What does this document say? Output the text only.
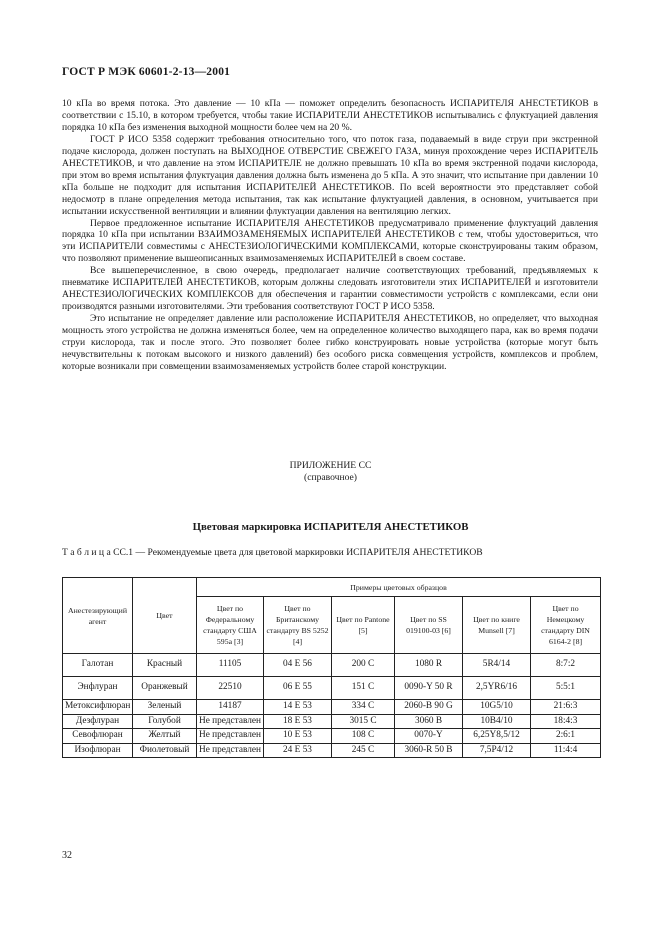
ГОСТ Р МЭК 60601-2-13—2001

10 кПа во время потока. Это давление — 10 кПа — поможет определить безопасность ИСПАРИТЕЛЯ АНЕСТЕТИКОВ в соответствии с 15.10, в котором требуется, чтобы такие ИСПАРИТЕЛИ АНЕСТЕТИКОВ испытывались с флуктуацией давления порядка 10 кПа без изменения выходной мощности более чем на 20 %.

ГОСТ Р ИСО 5358 содержит требования относительно того, что поток газа, подаваемый в виде струи при экстренной подаче кислорода, должен поступать на ВЫХОДНОЕ ОТВЕРСТИЕ СВЕЖЕГО ГАЗА, минуя прохождение через ИСПАРИТЕЛЬ АНЕСТЕТИКОВ, и что давление на этом ИСПАРИТЕЛЕ не должно превышать 10 кПа во время экстренной подачи кислорода, при этом во время испытания флуктуация давления должна быть изменена до 5 кПа. А это значит, что испытание при давлении 10 кПа больше не подходит для испытания ИСПАРИТЕЛЕЙ АНЕСТЕТИКОВ. По всей вероятности это представляет собой недосмотр в плане определения метода испытания, так как испытание флуктуацией давления, в основном, учитывается при испытании искусственной вентиляции и влиянии флуктуации давления на вентиляцию легких.

Первое предложенное испытание ИСПАРИТЕЛЯ АНЕСТЕТИКОВ предусматривало применение флуктуаций давления порядка 10 кПа при испытании ВЗАИМОЗАМЕНЯЕМЫХ ИСПАРИТЕЛЕЙ АНЕСТЕТИКОВ с тем, чтобы удостовериться, что эти ИСПАРИТЕЛИ совместимы с АНЕСТЕЗИОЛОГИЧЕСКИМИ КОМПЛЕКСАМИ, которые сконструированы таким образом, что позволяют применение вышеописанных взаимозаменяемых ИСПАРИТЕЛЕЙ в своем составе.

Все вышеперечисленное, в свою очередь, предполагает наличие соответствующих требований, предъявляемых к пневматике ИСПАРИТЕЛЕЙ АНЕСТЕТИКОВ, которым должны следовать изготовители этих ИСПАРИТЕЛЕЙ и изготовители АНЕСТЕЗИОЛОГИЧЕСКИХ КОМПЛЕКСОВ для обеспечения и гарантии совместимости устройств с комплексами, если они производятся разными изготовителями. Эти требования соответствуют ГОСТ Р ИСО 5358.

Это испытание не определяет давление или расположение ИСПАРИТЕЛЯ АНЕСТЕТИКОВ, но определяет, что выходная мощность этого устройства не должна изменяться более, чем на определенное количество выходящего пара, как во время подачи струи кислорода, так и после этого. Это позволяет более гибко конструировать новые устройства (которые могут быть нечувствительны к потокам высокого и низкого давлений) без особого риска совмещения устройств, комплексов и проблем, которые возникали при совмещении взаимозаменяемых устройств более старой конструкции.

ПРИЛОЖЕНИЕ СС
(справочное)
Цветовая маркировка ИСПАРИТЕЛЯ АНЕСТЕТИКОВ
Т а б л и ц а СС.1 — Рекомендуемые цвета для цветовой маркировки ИСПАРИТЕЛЯ АНЕСТЕТИКОВ
Анестезирующий агент	Цвет	Примеры цветовых образцов					
		Цвет по Федеральному стандарту США 595а [3]	Цвет по Британскому стандарту BS 5252 [4]	Цвет по Pantone [5]	Цвет по SS 019100-03 [6]	Цвет по книге Munsell [7]	Цвет по Немецкому стандарту DIN 6164-2 [8]
Галотан	Красный	11105	04 E 56	200 C	1080 R	5R4/14	8:7:2
Энфлуран	Оранжевый	22510	06 E 55	151 C	0090-Y 50 R	2,5YR6/16	5:5:1
Метоксифлюран	Зеленый	14187	14 E 53	334 C	2060-B 90 G	10G5/10	21:6:3
Дезфлуран	Голубой	Не представлен	18 E 53	3015 C	3060 B	10B4/10	18:4:3
Севофлюран	Желтый	Не представлен	10 E 53	108 C	0070-Y	6,25Y8,5/12	2:6:1
Изофлюран	Фиолетовый	Не представлен	24 E 53	245 C	3060-R 50 B	7,5P4/12	11:4:4
32
